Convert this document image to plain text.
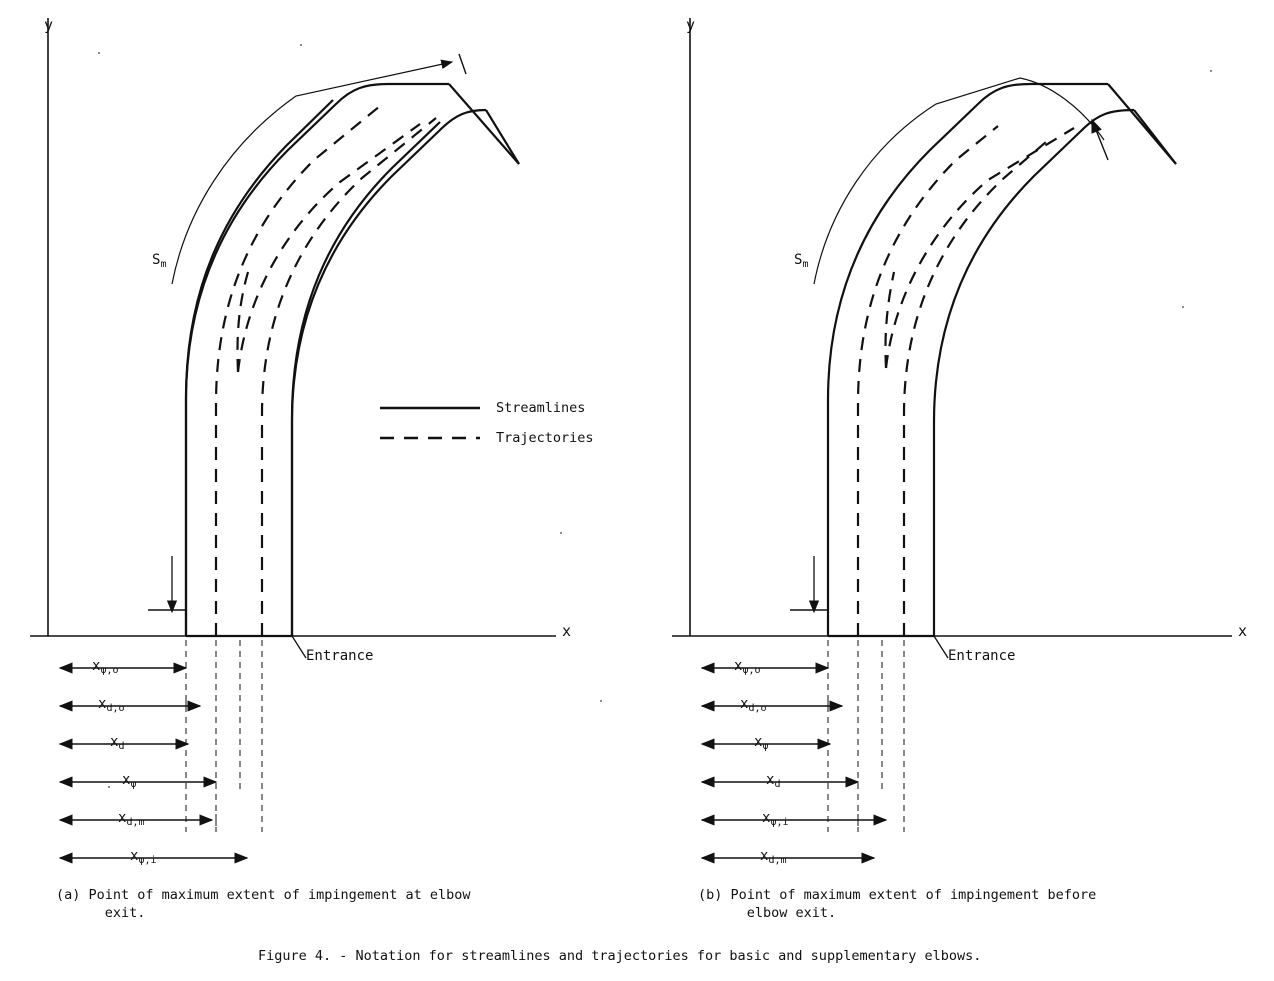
y
x
$S_m$
Entrance
$x_{\psi,o}$
$x_{d,o}$
$x_d$
$x_\psi$
$x_{d,m}$
$x_{\psi,i}$
Streamlines
Trajectories
y
x
$S_m$
Entrance
$x_{\psi,o}$
$x_{d,o}$
$x_\psi$
$x_d$
$x_{\psi,i}$
$x_{d,m}$
(a) Point of maximum extent of impingement at elbow
exit.
(b) Point of maximum extent of impingement before
elbow exit.
Figure 4. - Notation for streamlines and trajectories for basic and supplementary elbows.
